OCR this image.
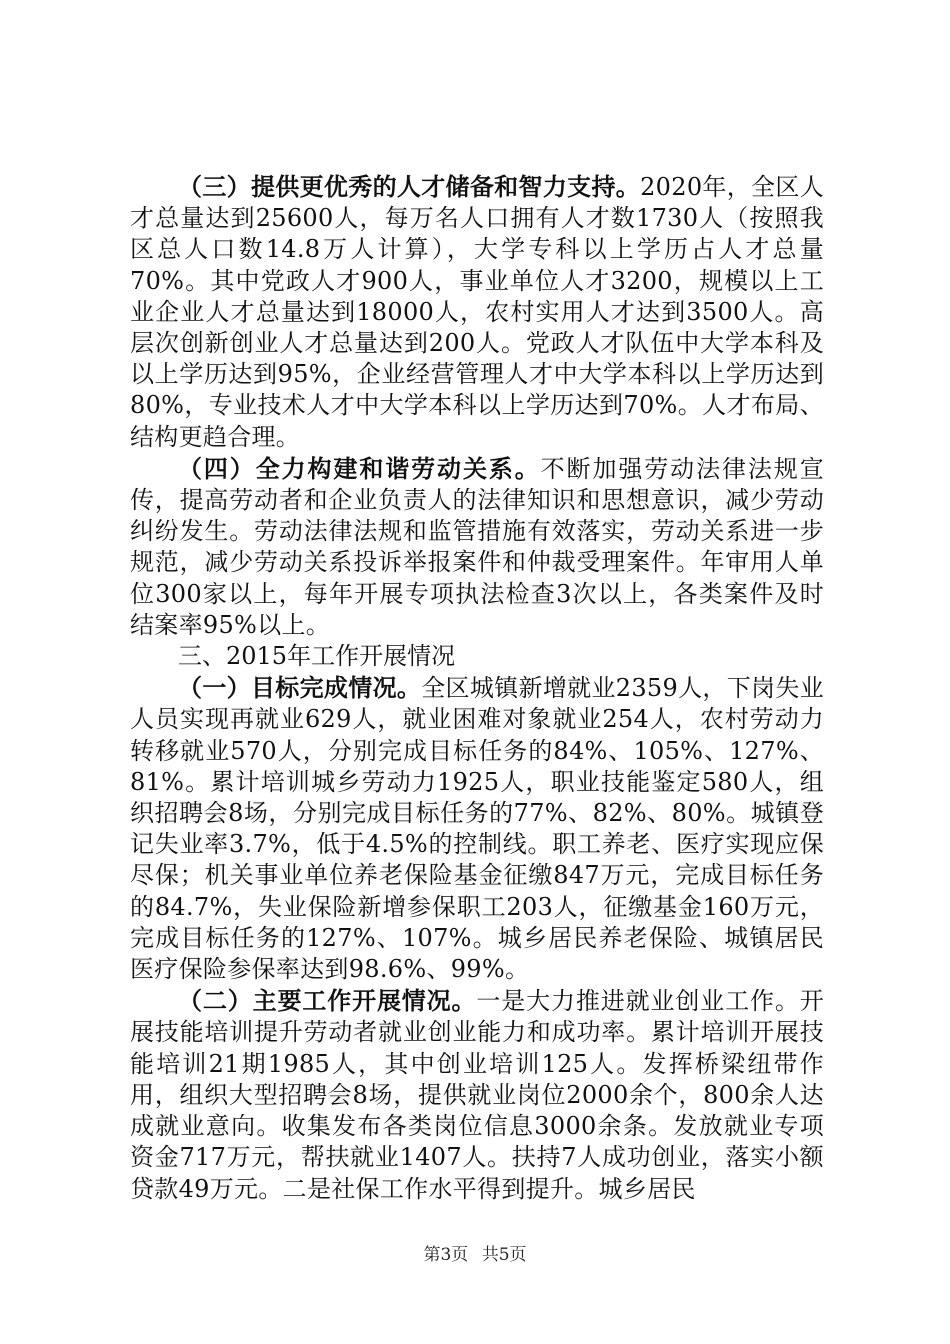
（三）提供更优秀的人才储备和智力支持。2020年，全区人才总量达到25600人，每万名人口拥有人才数1730人（按照我区总人口数14.8万人计算），大学专科以上学历占人才总量70%。其中党政人才900人，事业单位人才3200，规模以上工业企业人才总量达到18000人，农村实用人才达到3500人。高层次创新创业人才总量达到200人。党政人才队伍中大学本科及以上学历达到95%，企业经营管理人才中大学本科以上学历达到80%，专业技术人才中大学本科以上学历达到70%。人才布局、结构更趋合理。

（四）全力构建和谐劳动关系。不断加强劳动法律法规宣传，提高劳动者和企业负责人的法律知识和思想意识，减少劳动纠纷发生。劳动法律法规和监管措施有效落实，劳动关系进一步规范，减少劳动关系投诉举报案件和仲裁受理案件。年审用人单位300家以上，每年开展专项执法检查3次以上，各类案件及时结案率95%以上。

三、2015年工作开展情况

（一）目标完成情况。全区城镇新增就业2359人，下岗失业人员实现再就业629人，就业困难对象就业254人，农村劳动力转移就业570人，分别完成目标任务的84%、105%、127%、81%。累计培训城乡劳动力1925人，职业技能鉴定580人，组织招聘会8场，分别完成目标任务的77%、82%、80%。城镇登记失业率3.7%，低于4.5%的控制线。职工养老、医疗实现应保尽保；机关事业单位养老保险基金征缴847万元，完成目标任务的84.7%，失业保险新增参保职工203人，征缴基金160万元，完成目标任务的127%、107%。城乡居民养老保险、城镇居民医疗保险参保率达到98.6%、99%。

（二）主要工作开展情况。一是大力推进就业创业工作。开展技能培训提升劳动者就业创业能力和成功率。累计培训开展技能培训21期1985人，其中创业培训125人。发挥桥梁纽带作用，组织大型招聘会8场，提供就业岗位2000余个，800余人达成就业意向。收集发布各类岗位信息3000余条。发放就业专项资金717万元，帮扶就业1407人。扶持7人成功创业，落实小额贷款49万元。二是社保工作水平得到提升。城乡居民

第3页 共5页
